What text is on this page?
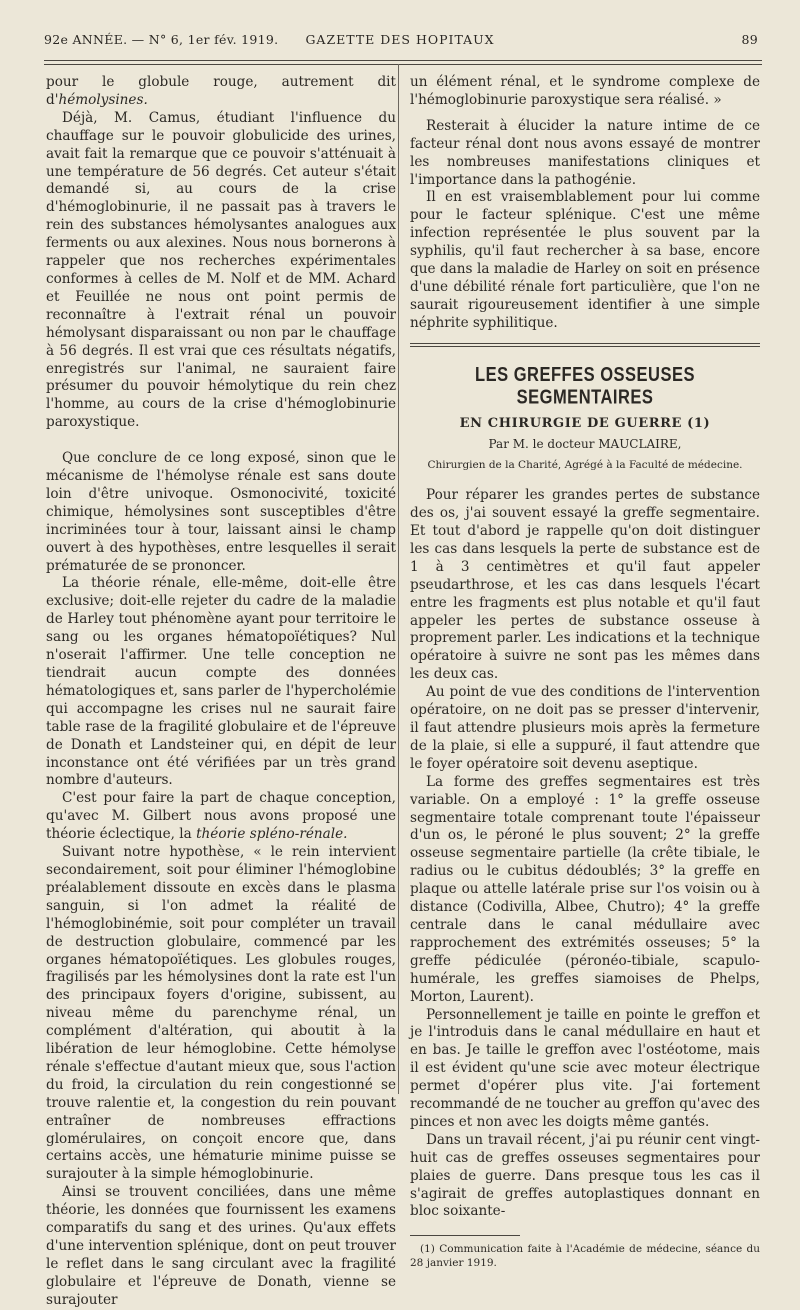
92e ANNÉE. — N° 6, 1er fév. 1919.	GAZETTE DES HOPITAUX	89

pour le globule rouge, autrement dit d'hémolysines.

Déjà, M. Camus, étudiant l'influence du chauffage sur le pouvoir globulicide des urines, avait fait la remarque que ce pouvoir s'atténuait à une température de 56 degrés. Cet auteur s'était demandé si, au cours de la crise d'hémoglobinurie, il ne passait pas à travers le rein des substances hémolysantes analogues aux ferments ou aux alexines. Nous nous bornerons à rappeler que nos recherches expérimentales conformes à celles de M. Nolf et de MM. Achard et Feuillée ne nous ont point permis de reconnaître à l'extrait rénal un pouvoir hémolysant disparaissant ou non par le chauffage à 56 degrés. Il est vrai que ces résultats négatifs, enregistrés sur l'animal, ne sauraient faire présumer du pouvoir hémolytique du rein chez l'homme, au cours de la crise d'hémoglobinurie paroxystique.

Que conclure de ce long exposé, sinon que le mécanisme de l'hémolyse rénale est sans doute loin d'être univoque. Osmonocivité, toxicité chimique, hémolysines sont susceptibles d'être incriminées tour à tour, laissant ainsi le champ ouvert à des hypothèses, entre lesquelles il serait prématurée de se prononcer.

La théorie rénale, elle-même, doit-elle être exclusive; doit-elle rejeter du cadre de la maladie de Harley tout phénomène ayant pour territoire le sang ou les organes hématopoïétiques? Nul n'oserait l'affirmer. Une telle conception ne tiendrait aucun compte des données hématologiques et, sans parler de l'hypercholémie qui accompagne les crises nul ne saurait faire table rase de la fragilité globulaire et de l'épreuve de Donath et Landsteiner qui, en dépit de leur inconstance ont été vérifiées par un très grand nombre d'auteurs.

C'est pour faire la part de chaque conception, qu'avec M. Gilbert nous avons proposé une théorie éclectique, la théorie spléno-rénale.

Suivant notre hypothèse, « le rein intervient secondairement, soit pour éliminer l'hémoglobine préalablement dissoute en excès dans le plasma sanguin, si l'on admet la réalité de l'hémoglobinémie, soit pour compléter un travail de destruction globulaire, commencé par les organes hématopoïétiques. Les globules rouges, fragilisés par les hémolysines dont la rate est l'un des principaux foyers d'origine, subissent, au niveau même du parenchyme rénal, un complément d'altération, qui aboutit à la libération de leur hémoglobine. Cette hémolyse rénale s'effectue d'autant mieux que, sous l'action du froid, la circulation du rein congestionné se trouve ralentie et, la congestion du rein pouvant entraîner de nombreuses effractions glomérulaires, on conçoit encore que, dans certains accès, une hématurie minime puisse se surajouter à la simple hémoglobinurie.

Ainsi se trouvent conciliées, dans une même théorie, les données que fournissent les examens comparatifs du sang et des urines. Qu'aux effets d'une intervention splénique, dont on peut trouver le reflet dans le sang circulant avec la fragilité globulaire et l'épreuve de Donath, vienne se surajouter

un élément rénal, et le syndrome complexe de l'hémoglobinurie paroxystique sera réalisé. »

Resterait à élucider la nature intime de ce facteur rénal dont nous avons essayé de montrer les nombreuses manifestations cliniques et l'importance dans la pathogénie.

Il en est vraisemblablement pour lui comme pour le facteur splénique. C'est une même infection représentée le plus souvent par la syphilis, qu'il faut rechercher à sa base, encore que dans la maladie de Harley on soit en présence d'une débilité rénale fort particulière, que l'on ne saurait rigoureusement identifier à une simple néphrite syphilitique.

LES GREFFES OSSEUSES SEGMENTAIRES
EN CHIRURGIE DE GUERRE (1)
Par M. le docteur MAUCLAIRE,
Chirurgien de la Charité, Agrégé à la Faculté de médecine.

Pour réparer les grandes pertes de substance des os, j'ai souvent essayé la greffe segmentaire. Et tout d'abord je rappelle qu'on doit distinguer les cas dans lesquels la perte de substance est de 1 à 3 centimètres et qu'il faut appeler pseudarthrose, et les cas dans lesquels l'écart entre les fragments est plus notable et qu'il faut appeler les pertes de substance osseuse à proprement parler. Les indications et la technique opératoire à suivre ne sont pas les mêmes dans les deux cas.

Au point de vue des conditions de l'intervention opératoire, on ne doit pas se presser d'intervenir, il faut attendre plusieurs mois après la fermeture de la plaie, si elle a suppuré, il faut attendre que le foyer opératoire soit devenu aseptique.

La forme des greffes segmentaires est très variable. On a employé : 1° la greffe osseuse segmentaire totale comprenant toute l'épaisseur d'un os, le péroné le plus souvent; 2° la greffe osseuse segmentaire partielle (la crête tibiale, le radius ou le cubitus dédoublés; 3° la greffe en plaque ou attelle latérale prise sur l'os voisin ou à distance (Codivilla, Albee, Chutro); 4° la greffe centrale dans le canal médullaire avec rapprochement des extrémités osseuses; 5° la greffe pédiculée (péronéo-tibiale, scapulo-humérale, les greffes siamoises de Phelps, Morton, Laurent).

Personnellement je taille en pointe le greffon et je l'introduis dans le canal médullaire en haut et en bas. Je taille le greffon avec l'ostéotome, mais il est évident qu'une scie avec moteur électrique permet d'opérer plus vite. J'ai fortement recommandé de ne toucher au greffon qu'avec des pinces et non avec les doigts même gantés.

Dans un travail récent, j'ai pu réunir cent vingt-huit cas de greffes osseuses segmentaires pour plaies de guerre. Dans presque tous les cas il s'agirait de greffes autoplastiques donnant en bloc soixante-

(1) Communication faite à l'Académie de médecine, séance du 28 janvier 1919.
